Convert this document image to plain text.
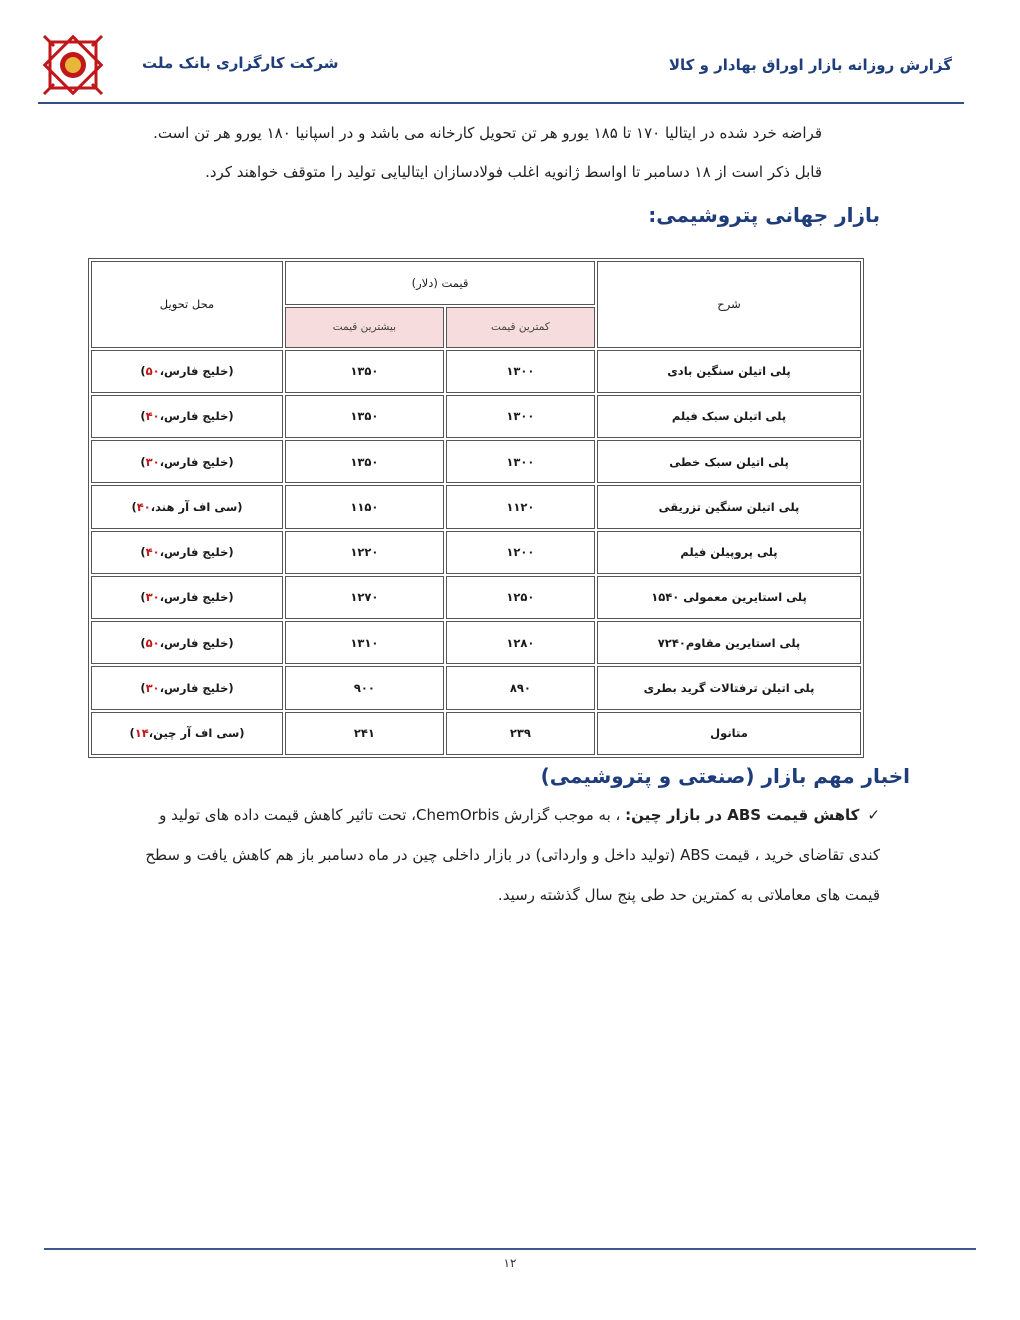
گزارش روزانه بازار اوراق بهادار و کالا
شرکت کارگزاری بانک ملت
قراضه خرد شده در ایتالیا ۱۷۰ تا ۱۸۵ یورو هر تن تحویل کارخانه می باشد و در اسپانیا ۱۸۰ یورو هر تن است.
قابل ذکر است از ۱۸ دسامبر تا اواسط ژانویه اغلب فولادسازان ایتالیایی تولید را متوقف خواهند کرد.
بازار جهانی پتروشیمی:
شرح	قیمت (دلار)		محل تحویل
	کمترین قیمت	بیشترین قیمت	
پلی اتیلن سنگین بادی	۱۳۰۰	۱۳۵۰	(خلیج فارس،۵۰)
پلی اتیلن سبک فیلم	۱۳۰۰	۱۳۵۰	(خلیج فارس،۴۰)
پلی اتیلن سبک خطی	۱۳۰۰	۱۳۵۰	(خلیج فارس،۳۰)
پلی اتیلن سنگین تزریقی	۱۱۲۰	۱۱۵۰	(سی اف آر هند،۴۰)
پلی پروپیلن فیلم	۱۲۰۰	۱۲۲۰	(خلیج فارس،۴۰)
پلی استایرین معمولی ۱۵۴۰	۱۲۵۰	۱۲۷۰	(خلیج فارس،۳۰)
پلی استایرین مقاوم۷۲۴۰	۱۲۸۰	۱۳۱۰	(خلیج فارس،۵۰)
پلی اتیلن ترفتالات گرید بطری	۸۹۰	۹۰۰	(خلیج فارس،۳۰)
متانول	۲۳۹	۲۴۱	(سی اف آر چین،۱۴)
اخبار مهم بازار (صنعتی و پتروشیمی)
✓کاهش قیمت ABS در بازار چین: ، به موجب گزارش ChemOrbis، تحت تاثیر کاهش قیمت داده های تولید و
کندی تقاضای خرید ، قیمت ABS (تولید داخل و وارداتی) در بازار داخلی چین در ماه دسامبر باز هم کاهش یافت و سطح
قیمت های معاملاتی به کمترین حد طی پنج سال گذشته رسید.
۱۲
